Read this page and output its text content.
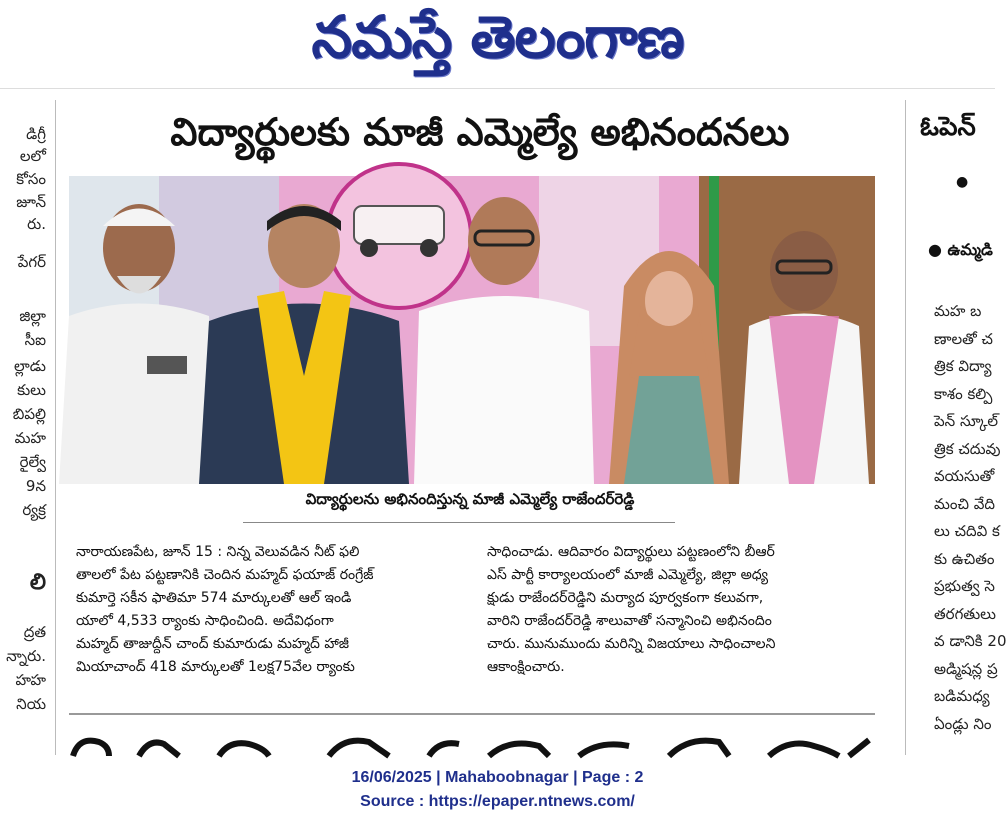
నమస్తే తెలంగాణ
డిగ్రీ
లలో
కోసం
జూన్
రు.
పేగర్
జిల్లా
సీఐ
ల్లాడు
కులు
బిపల్లి
మహ
రైల్వే
9న
ర్యక్ర
లి
ద్రత
న్నారు.
హహ
నియ
విద్యార్థులకు మాజీ ఎమ్మెల్యే అభినందనలు
విద్యార్థులను అభినందిస్తున్న మాజీ ఎమ్మెల్యే రాజేందర్‌రెడ్డి
నారాయణపేట, జూన్ 15 : నిన్న వెలువడిన నీట్ ఫలి
తాలలో పేట పట్టణానికి చెందిన మహ్మద్ ఫయాజ్ రంగ్రేజ్
కుమార్తె సకీన ఫాతిమా 574 మార్కులతో ఆల్ ఇండి
యాలో 4,533 ర్యాంకు సాధించింది. అదేవిధంగా
మహ్మద్ తాజుద్దీన్ చాంద్ కుమారుడు మహ్మద్ హాజీ
మియాచాంద్ 418 మార్కులతో 1లక్ష75వేల ర్యాంకు
సాధించాడు. ఆదివారం విద్యార్థులు పట్టణంలోని బీఆర్
ఎస్ పార్టీ కార్యాలయంలో మాజీ ఎమ్మెల్యే, జిల్లా అధ్య
క్షుడు రాజేందర్‌రెడ్డిని మర్యాద పూర్వకంగా కలువగా,
వారిని రాజేందర్‌రెడ్డి శాలువాతో సన్మానించి అభినందిం
చారు. మునుముందు మరిన్ని విజయాలు సాధించాలని
ఆకాంక్షించారు.
ఓపెన్
● ఉమ్మడి
●
మహ బ
ణాలతో చ
త్రిక విద్యా
కాశం కల్పి
పెన్ స్కూల్
త్రిక చదువు
వయసుతో
మంచి వేది
లు చదివి క
కు ఉచితం
ప్రభుత్వ సె
తరగతులు
వ డానికి 20
అడ్మిషన్ల ప్ర
బడిమధ్య
ఏండ్లు నిం
16/06/2025 | Mahaboobnagar | Page : 2
Source : https://epaper.ntnews.com/
